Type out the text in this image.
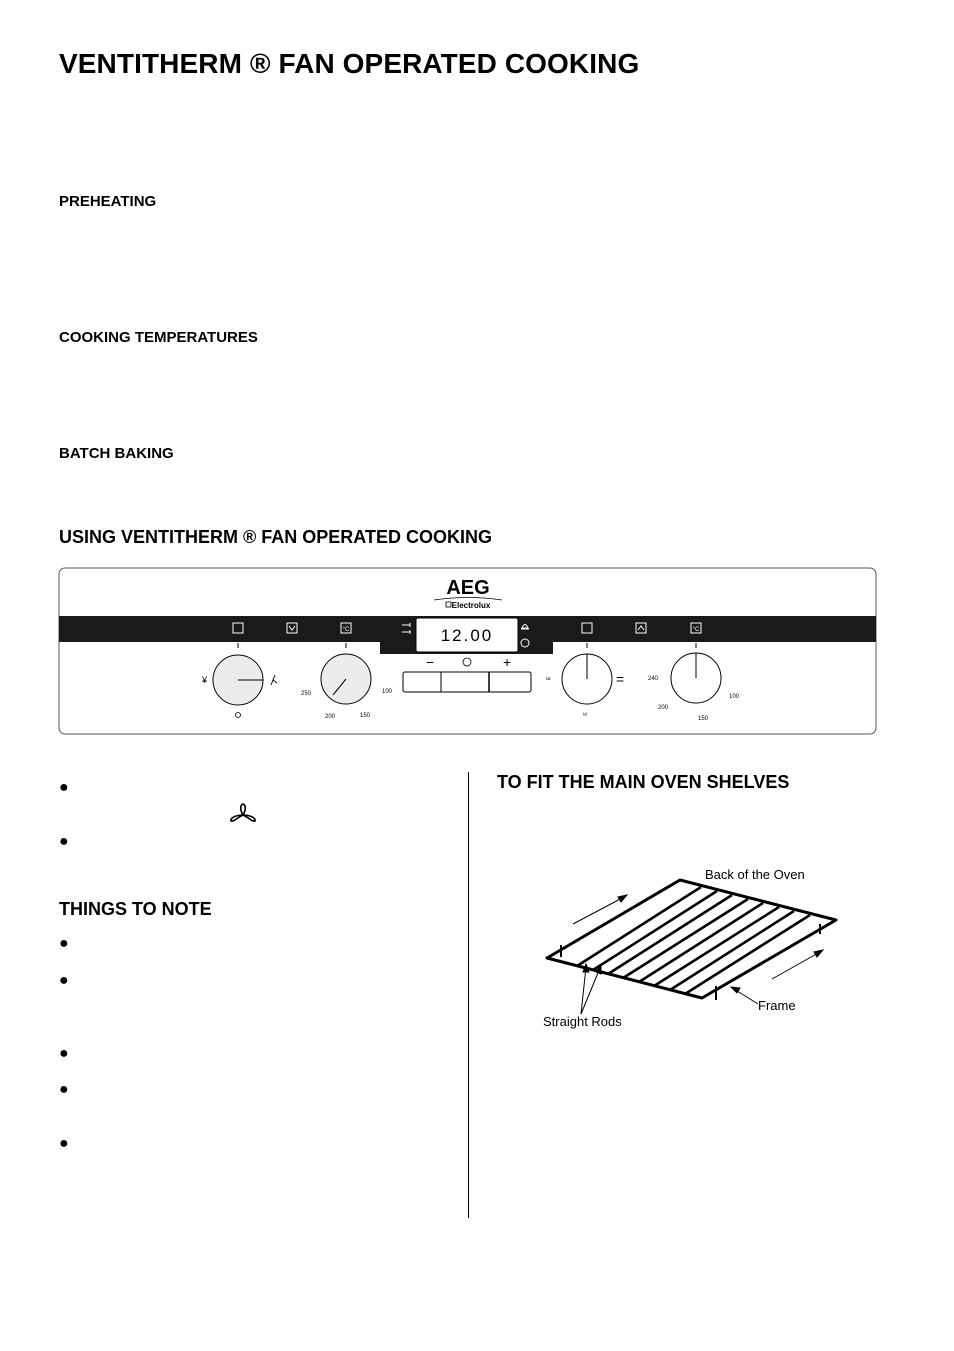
VENTITHERM ® FAN OPERATED COOKING
PREHEATING
COOKING TEMPERATURES
BATCH BAKING
USING VENTITHERM ® FAN OPERATED COOKING
AEG
Electrolux
12.00
°C	°C
−	+
¥
250
200	150
100
ᵚ
ᵚ
=	240
200
150
100
●
●
THINGS TO NOTE
●
●
●
●
●
TO FIT THE MAIN OVEN SHELVES
Back of the Oven
Frame
Straight Rods
